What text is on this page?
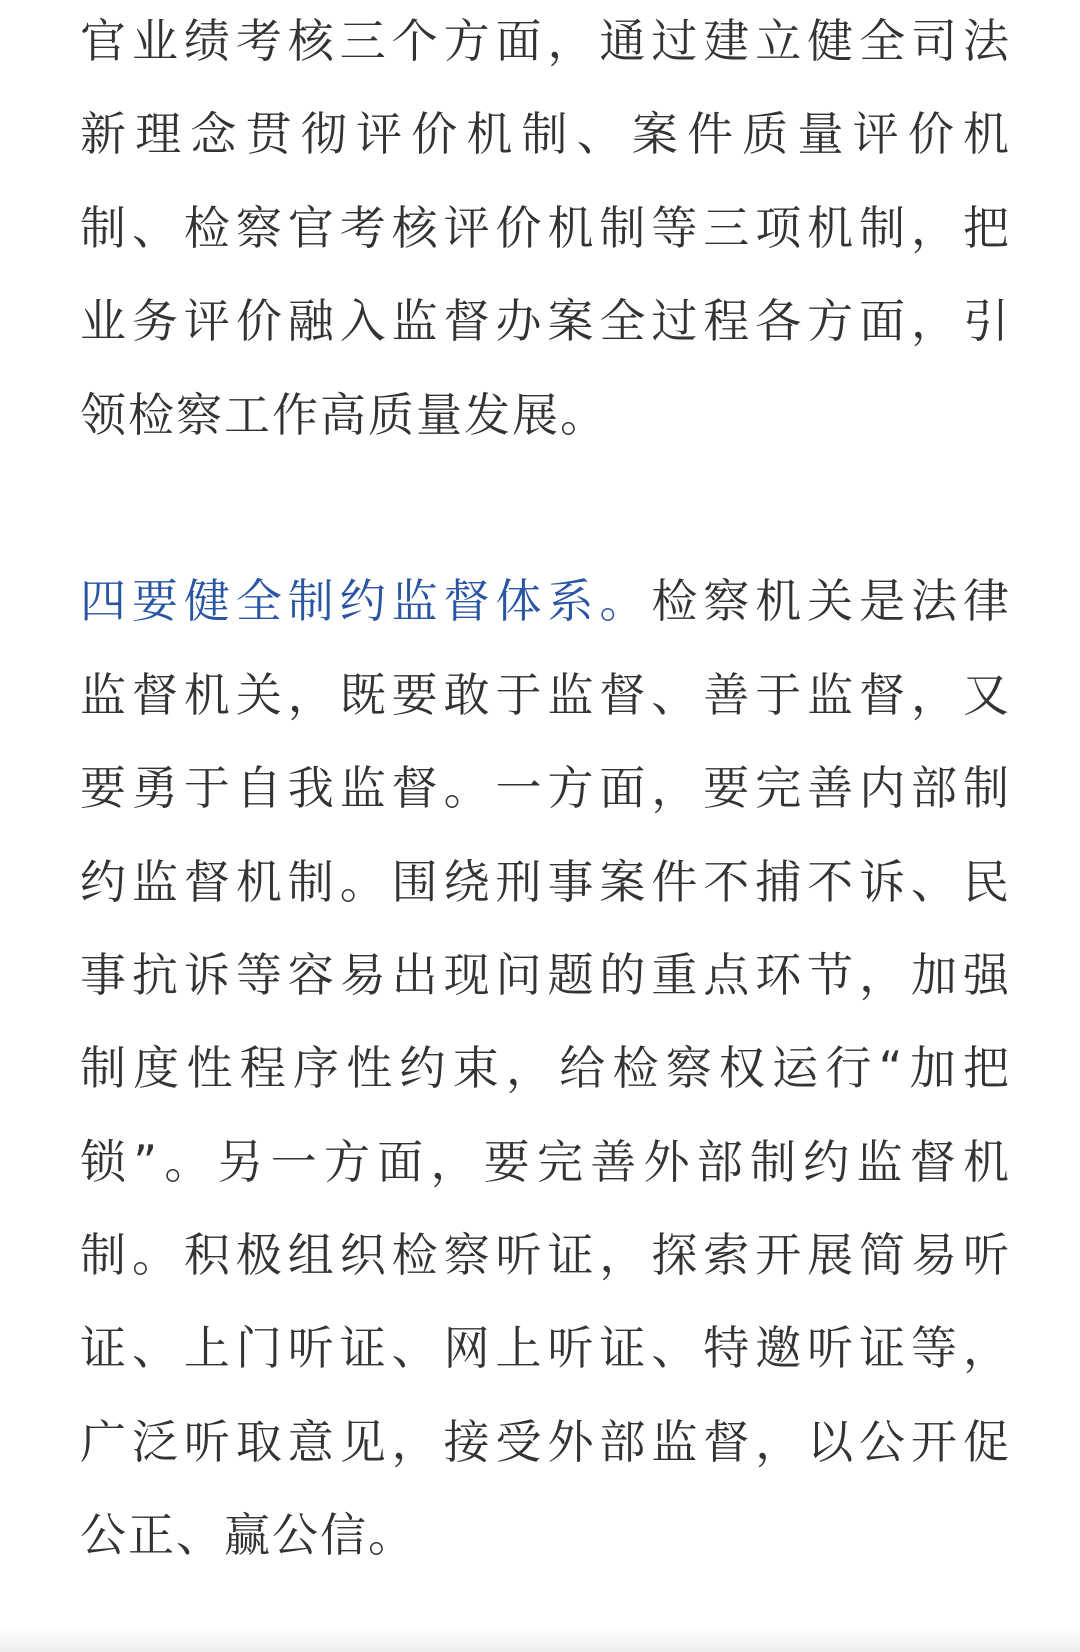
官业绩考核三个方面，通过建立健全司法
新理念贯彻评价机制、案件质量评价机
制、检察官考核评价机制等三项机制，把
业务评价融入监督办案全过程各方面，引
领检察工作高质量发展。
四要健全制约监督体系。检察机关是法律
监督机关，既要敢于监督、善于监督，又
要勇于自我监督。一方面，要完善内部制
约监督机制。围绕刑事案件不捕不诉、民
事抗诉等容易出现问题的重点环节，加强
制度性程序性约束，给检察权运行“加把
锁”。另一方面，要完善外部制约监督机
制。积极组织检察听证，探索开展简易听
证、上门听证、网上听证、特邀听证等，
广泛听取意见，接受外部监督，以公开促
公正、赢公信。
